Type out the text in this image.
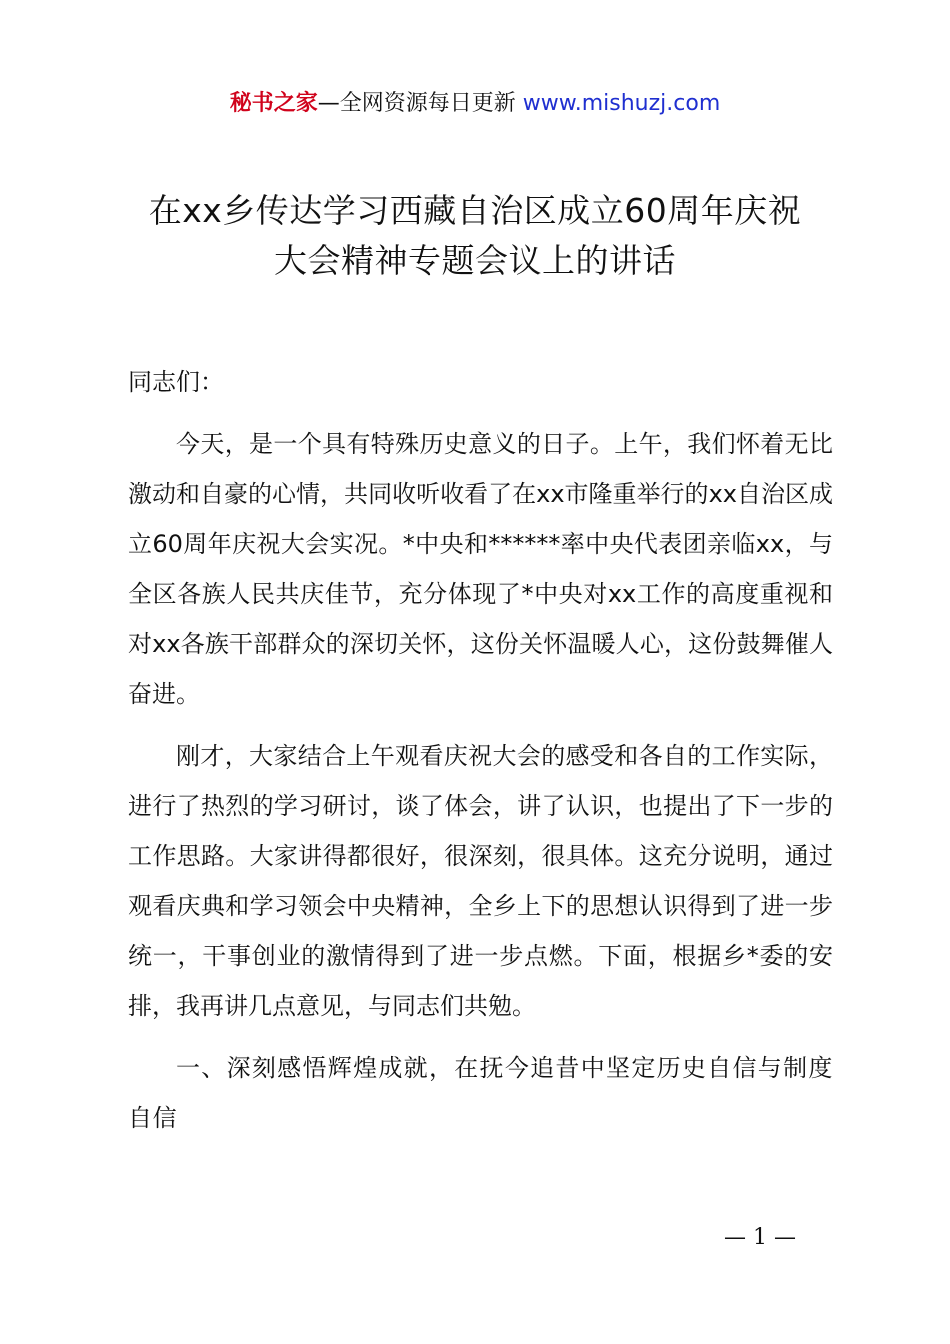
秘书之家—全网资源每日更新 www.mishuzj.com
在xx乡传达学习西藏自治区成立60周年庆祝
大会精神专题会议上的讲话

同志们：

今天，是一个具有特殊历史意义的日子。上午，我们怀着无比激动和自豪的心情，共同收听收看了在xx市隆重举行的xx自治区成立60周年庆祝大会实况。*中央和******率中央代表团亲临xx，与全区各族人民共庆佳节，充分体现了*中央对xx工作的高度重视和对xx各族干部群众的深切关怀，这份关怀温暖人心，这份鼓舞催人奋进。

刚才，大家结合上午观看庆祝大会的感受和各自的工作实际，进行了热烈的学习研讨，谈了体会，讲了认识，也提出了下一步的工作思路。大家讲得都很好，很深刻，很具体。这充分说明，通过观看庆典和学习领会中央精神，全乡上下的思想认识得到了进一步统一，干事创业的激情得到了进一步点燃。下面，根据乡*委的安排，我再讲几点意见，与同志们共勉。

一、深刻感悟辉煌成就，在抚今追昔中坚定历史自信与制度自信

— 1 —
